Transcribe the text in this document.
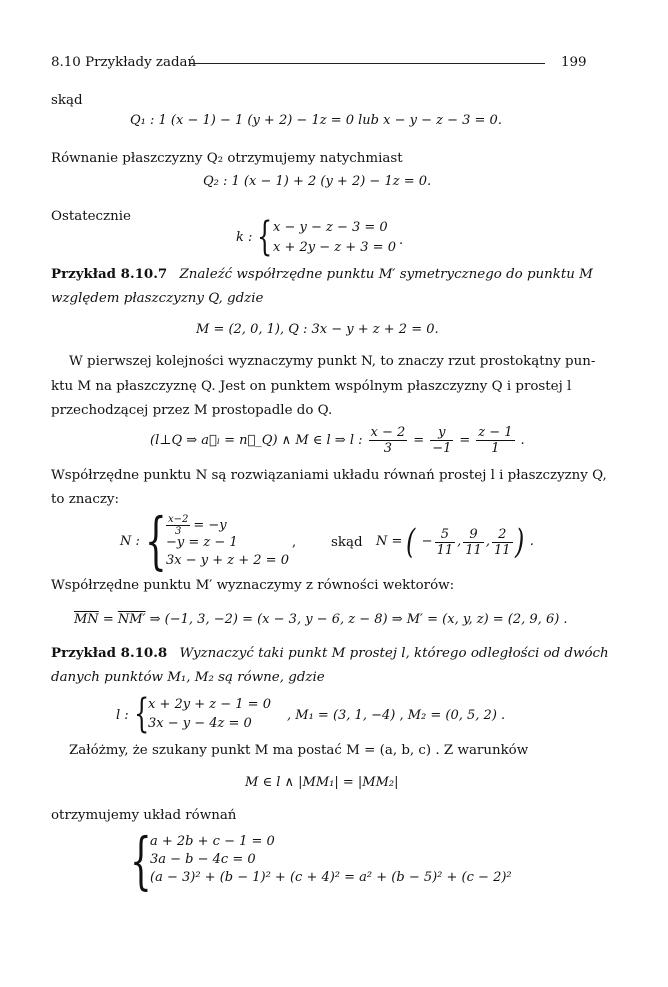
8.10 Przykłady zadań	199
skąd
Q₁ : 1 (x − 1) − 1 (y + 2) − 1z = 0 lub x − y − z − 3 = 0.
Równanie płaszczyzny Q₂ otrzymujemy natychmiast
Q₂ : 1 (x − 1) + 2 (y + 2) − 1z = 0.
Ostatecznie
k : { x − y − z − 3 = 0
x + 2y − z + 3 = 0 .
Przykład 8.10.7 Znaleźć współrzędne punktu M′ symetrycznego do punktu M
względem płaszczyzny Q, gdzie
M = (2, 0, 1), Q : 3x − y + z + 2 = 0.
W pierwszej kolejności wyznaczymy punkt N, to znaczy rzut prostokątny pun-
ktu M na płaszczyznę Q. Jest on punktem wspólnym płaszczyzny Q i prostej l
przechodzącej przez M prostopadle do Q.
(l⊥Q ⇒ a⃗ₗ = n⃗_Q) ∧ M ∈ l ⇒ l : $\frac{x - 2}{3} = \frac{y}{-1} = \frac{z - 1}{1}$ .
Współrzędne punktu N są rozwiązaniami układu równań prostej l i płaszczyzny Q,
to znaczy:
N : { $\frac{x-2}{3} = -y$
−y = z − 1
3x − y + z + 2 = 0
,	skąd N = ( − $\frac{5}{11}$ , $\frac{9}{11}$ , $\frac{2}{11}$ ) .
Współrzędne punktu M′ wyznaczymy z równości wektorów:
$\overline{MN} = NM'$ ⇒ (−1, 3, −2) = (x − 3, y − 6, z − 8) ⇒ M′ = (x, y, z) = (2, 9, 6) .
Przykład 8.10.8 Wyznaczyć taki punkt M prostej l, którego odległości od dwóch
danych punktów M₁, M₂ są równe, gdzie
l : {
x + 2y + z − 1 = 0
3x − y − 4z = 0
, M₁ = (3, 1, −4) , M₂ = (0, 5, 2) .
Załóżmy, że szukany punkt M ma postać M = (a, b, c) . Z warunków
M ∈ l ∧ |MM₁| = |MM₂|
otrzymujemy układ równań
{
a + 2b + c − 1 = 0
3a − b − 4c = 0
(a − 3)² + (b − 1)² + (c + 4)² = a² + (b − 5)² + (c − 2)²
